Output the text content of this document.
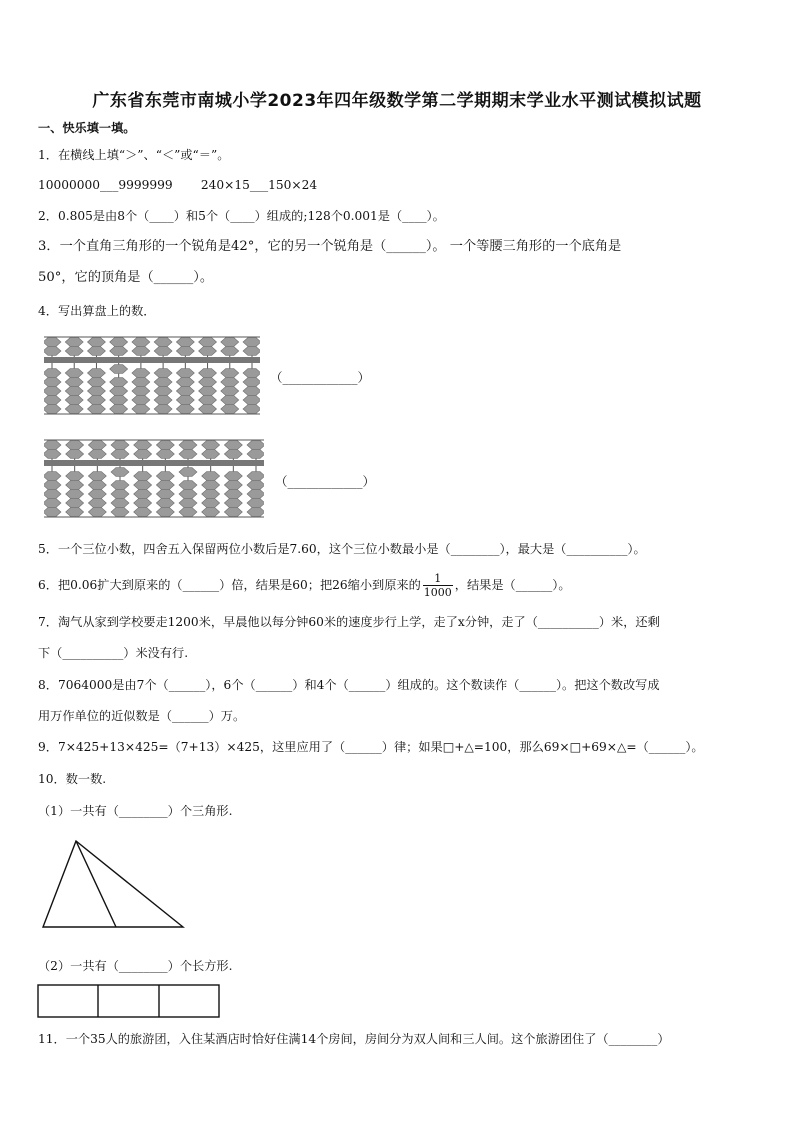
广东省东莞市南城小学2023年四年级数学第二学期期末学业水平测试模拟试题
一、快乐填一填。
1．在横线上填“＞”、“＜”或“＝”。
10000000___9999999　　 240×15___150×24
2．0.805是由8个（____）和5个（____）组成的;128个0.001是（____）。
3．一个直角三角形的一个锐角是42°，它的另一个锐角是（______）。 一个等腰三角形的一个底角是
50°，它的顶角是（______）。
4．写出算盘上的数．
（____________）
（____________）
5．一个三位小数，四舍五入保留两位小数后是7.60，这个三位小数最小是（________），最大是（__________）。
6．把0.06扩大到原来的（______）倍，结果是60；把26缩小到原来的 $\frac{1}{1000}$ ，结果是（______）。
7．淘气从家到学校要走1200米，早晨他以每分钟60米的速度步行上学，走了x分钟，走了（__________）米，还剩
下（__________）米没有行.
8．7064000是由7个（______），6个（______）和4个（______）组成的。这个数读作（______）。把这个数改写成
用万作单位的近似数是（______）万。
9．7×425+13×425=（7+13）×425，这里应用了（______）律；如果□+△=100，那么69×□+69×△=（______）。
10．数一数.
（1）一共有（________）个三角形.
（2）一共有（________）个长方形.
11．一个35人的旅游团，入住某酒店时恰好住满14个房间，房间分为双人间和三人间。这个旅游团住了（________）
